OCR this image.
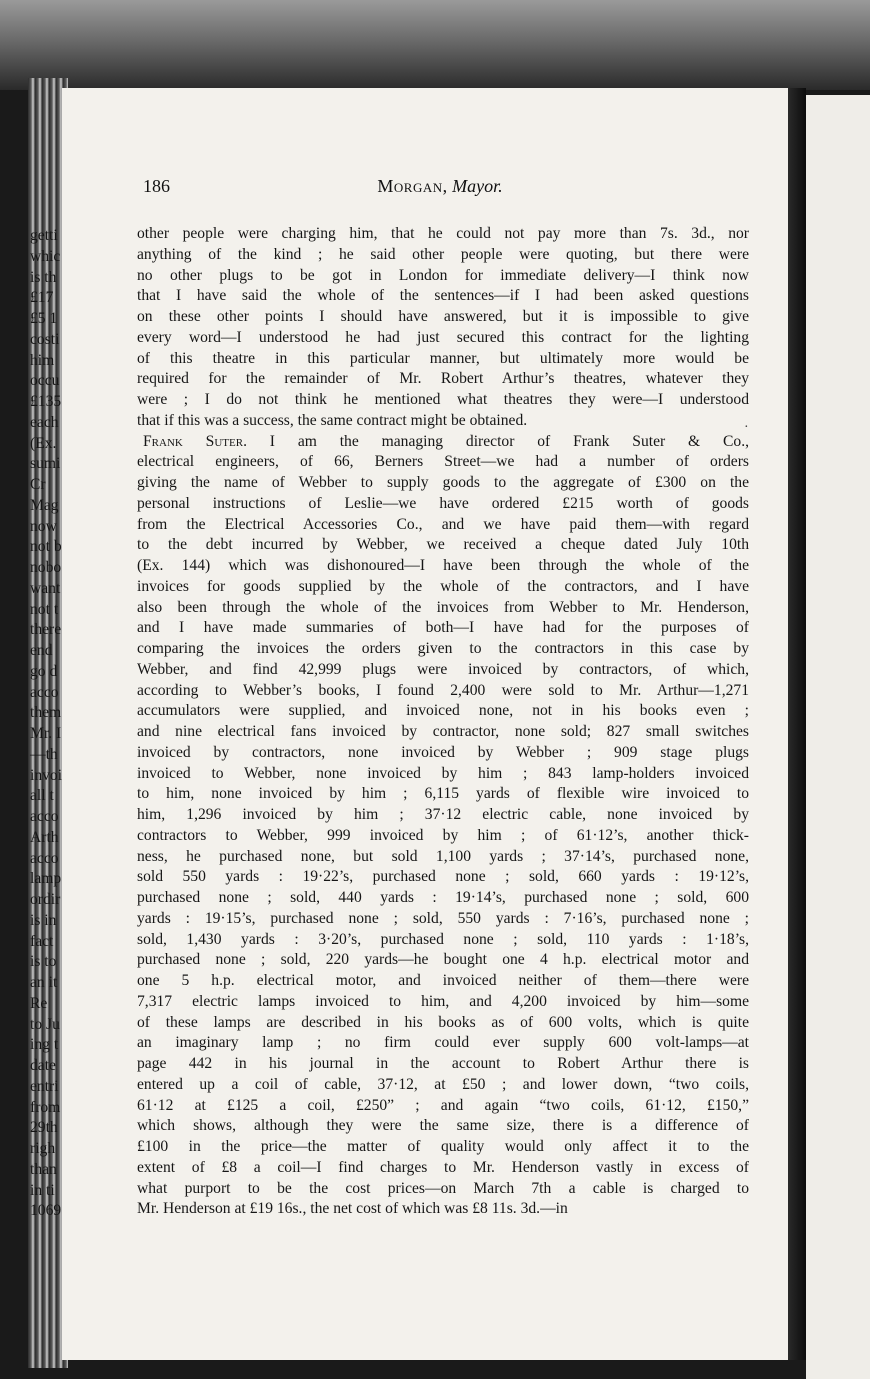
186	Morgan, Mayor.
other people were charging him, that he could not pay more than 7s. 3d., nor
anything of the kind ; he said other people were quoting, but there were
no other plugs to be got in London for immediate delivery—I think now
that I have said the whole of the sentences—if I had been asked questions
on these other points I should have answered, but it is impossible to give
every word—I understood he had just secured this contract for the lighting
of this theatre in this particular manner, but ultimately more would be
required for the remainder of Mr. Robert Arthur’s theatres, whatever they
were ; I do not think he mentioned what theatres they were—I understood
that if this was a success, the same contract might be obtained.
Frank Suter. I am the managing director of Frank Suter & Co.,
electrical engineers, of 66, Berners Street—we had a number of orders
giving the name of Webber to supply goods to the aggregate of £300 on the
personal instructions of Leslie—we have ordered £215 worth of goods
from the Electrical Accessories Co., and we have paid them—with regard
to the debt incurred by Webber, we received a cheque dated July 10th
(Ex. 144) which was dishonoured—I have been through the whole of the
invoices for goods supplied by the whole of the contractors, and I have
also been through the whole of the invoices from Webber to Mr. Henderson,
and I have made summaries of both—I have had for the purposes of
comparing the invoices the orders given to the contractors in this case by
Webber, and find 42,999 plugs were invoiced by contractors, of which,
according to Webber’s books, I found 2,400 were sold to Mr. Arthur—1,271
accumulators were supplied, and invoiced none, not in his books even ;
and nine electrical fans invoiced by contractor, none sold; 827 small switches
invoiced by contractors, none invoiced by Webber ; 909 stage plugs
invoiced to Webber, none invoiced by him ; 843 lamp-holders invoiced
to him, none invoiced by him ; 6,115 yards of flexible wire invoiced to
him, 1,296 invoiced by him ; 37·12 electric cable, none invoiced by
contractors to Webber, 999 invoiced by him ; of 61·12’s, another thick-
ness, he purchased none, but sold 1,100 yards ; 37·14’s, purchased none,
sold 550 yards : 19·22’s, purchased none ; sold, 660 yards : 19·12’s,
purchased none ; sold, 440 yards : 19·14’s, purchased none ; sold, 600
yards : 19·15’s, purchased none ; sold, 550 yards : 7·16’s, purchased none ;
sold, 1,430 yards : 3·20’s, purchased none ; sold, 110 yards : 1·18’s,
purchased none ; sold, 220 yards—he bought one 4 h.p. electrical motor and
one 5 h.p. electrical motor, and invoiced neither of them—there were
7,317 electric lamps invoiced to him, and 4,200 invoiced by him—some
of these lamps are described in his books as of 600 volts, which is quite
an imaginary lamp ; no firm could ever supply 600 volt-lamps—at
page 442 in his journal in the account to Robert Arthur there is
entered up a coil of cable, 37·12, at £50 ; and lower down, “two coils,
61·12 at £125 a coil, £250” ; and again “two coils, 61·12, £150,”
which shows, although they were the same size, there is a difference of
£100 in the price—the matter of quality would only affect it to the
extent of £8 a coil—I find charges to Mr. Henderson vastly in excess of
what purport to be the cost prices—on March 7th a cable is charged to
Mr. Henderson at £19 16s., the net cost of which was £8 11s. 3d.—in
getti
whic
is th
£17
£5 1
costi
him
occu
£135
each
(Ex.
sumi
Cr
Mag
now
not b
nobo
want
not t
there
end
go d
acco
them
Mr. I
—th
invoi
all t
acco
Arth
acco
lamp
ordir
is in
fact
is to
an it
Re
to Ju
ing t
date
entri
from
29th
righ
than
in ti
1069
·
